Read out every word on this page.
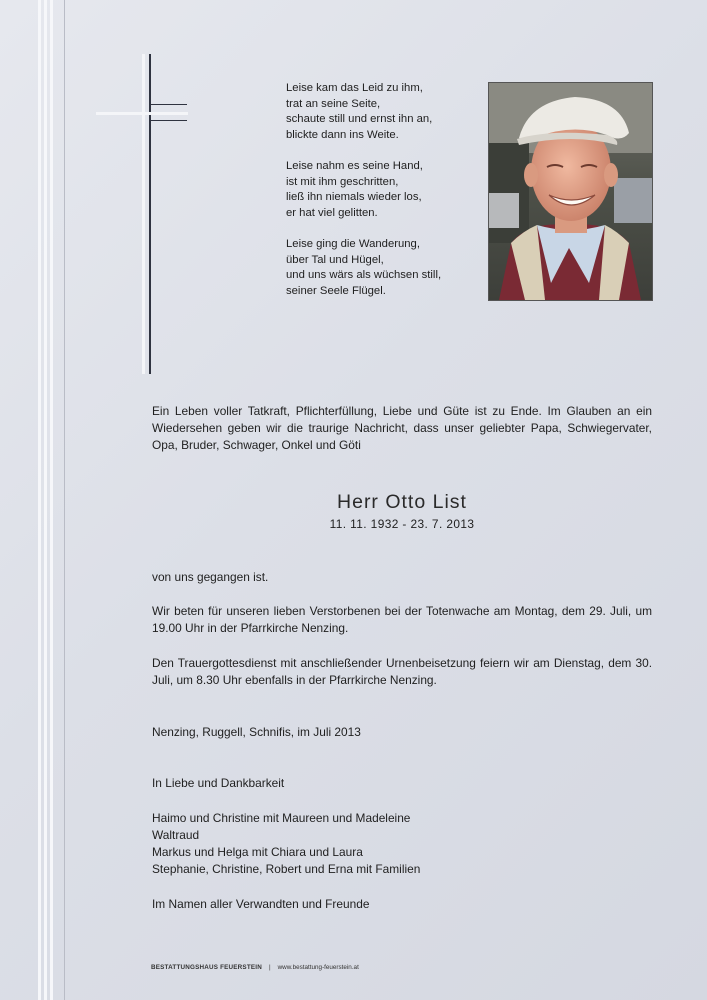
Leise kam das Leid zu ihm,
trat an seine Seite,
schaute still und ernst ihn an,
blickte dann ins Weite.
Leise nahm es seine Hand,
ist mit ihm geschritten,
ließ ihn niemals wieder los,
er hat viel gelitten.
Leise ging die Wanderung,
über Tal und Hügel,
und uns wärs als wüchsen still,
seiner Seele Flügel.
Ein Leben voller Tatkraft, Pflichterfüllung, Liebe und Güte ist zu Ende. Im Glauben an ein Wiedersehen geben wir die traurige Nachricht, dass unser geliebter Papa, Schwiegervater, Opa, Bruder, Schwager, Onkel und Göti
Herr Otto List
11. 11. 1932 - 23. 7. 2013
von uns gegangen ist.
Wir beten für unseren lieben Verstorbenen bei der Totenwache am Montag, dem 29. Juli, um 19.00 Uhr in der Pfarrkirche Nenzing.
Den Trauergottesdienst mit anschließender Urnenbeisetzung feiern wir am Dienstag, dem 30. Juli, um 8.30 Uhr ebenfalls in der Pfarrkirche Nenzing.
Nenzing, Ruggell, Schnifis, im Juli 2013
In Liebe und Dankbarkeit
Haimo und Christine mit Maureen und Madeleine
Waltraud
Markus und Helga mit Chiara und Laura
Stephanie, Christine, Robert und Erna mit Familien
Im Namen aller Verwandten und Freunde
BESTATTUNGSHAUS FEUERSTEIN | www.bestattung-feuerstein.at
